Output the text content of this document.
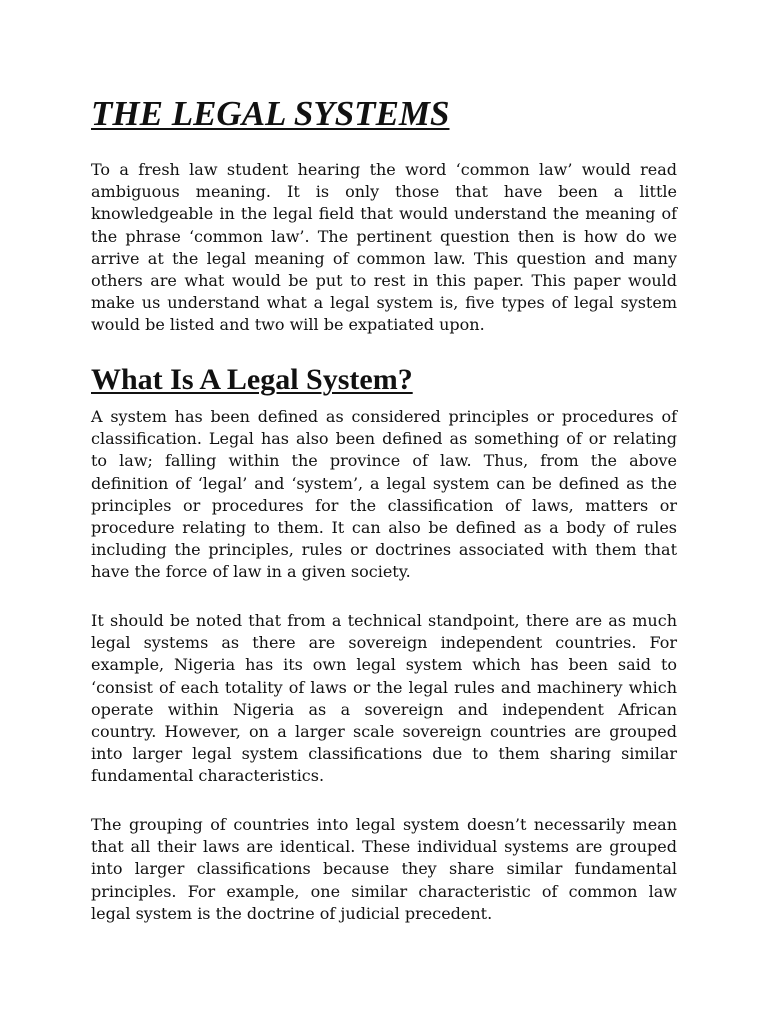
THE LEGAL SYSTEMS

To a fresh law student hearing the word ‘common law’ would read
ambiguous meaning. It is only those that have been a little
knowledgeable in the legal field that would understand the meaning of
the phrase ‘common law’. The pertinent question then is how do we
arrive at the legal meaning of common law. This question and many
others are what would be put to rest in this paper. This paper would
make us understand what a legal system is, five types of legal system
would be listed and two will be expatiated upon.

What Is A Legal System?

A system has been defined as considered principles or procedures of
classification. Legal has also been defined as something of or relating
to law; falling within the province of law. Thus, from the above
definition of ‘legal’ and ‘system’, a legal system can be defined as the
principles or procedures for the classification of laws, matters or
procedure relating to them. It can also be defined as a body of rules
including the principles, rules or doctrines associated with them that
have the force of law in a given society.

It should be noted that from a technical standpoint, there are as much
legal systems as there are sovereign independent countries. For
example, Nigeria has its own legal system which has been said to
‘consist of each totality of laws or the legal rules and machinery which
operate within Nigeria as a sovereign and independent African
country. However, on a larger scale sovereign countries are grouped
into larger legal system classifications due to them sharing similar
fundamental characteristics.

The grouping of countries into legal system doesn’t necessarily mean
that all their laws are identical. These individual systems are grouped
into larger classifications because they share similar fundamental
principles. For example, one similar characteristic of common law
legal system is the doctrine of judicial precedent.
